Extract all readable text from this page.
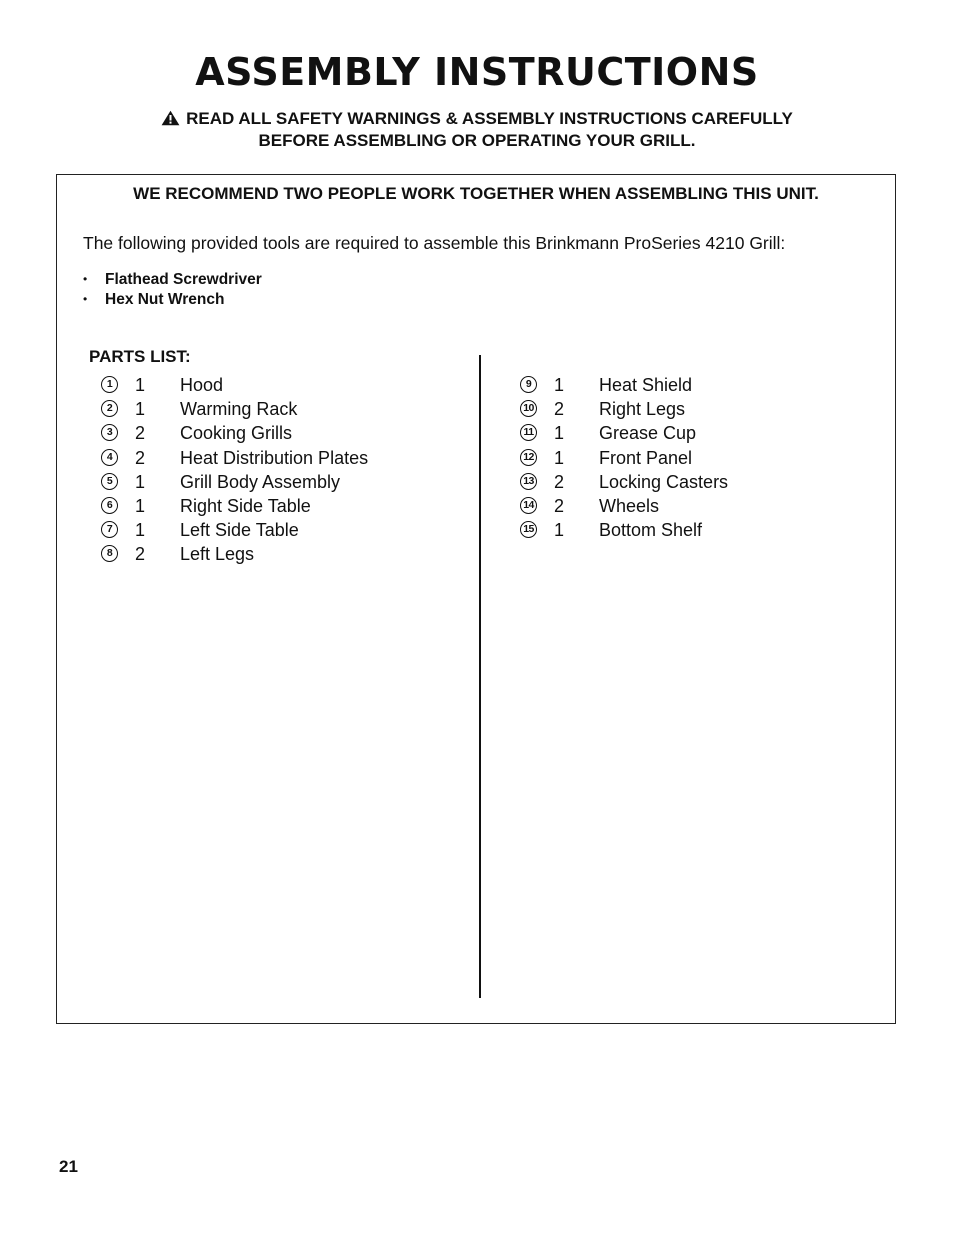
ASSEMBLY INSTRUCTIONS
READ ALL SAFETY WARNINGS & ASSEMBLY INSTRUCTIONS CAREFULLY
BEFORE ASSEMBLING OR OPERATING YOUR GRILL.
WE RECOMMEND TWO PEOPLE WORK TOGETHER WHEN ASSEMBLING THIS UNIT.
The following provided tools are required to assemble this Brinkmann ProSeries 4210 Grill:
• Flathead Screwdriver
• Hex Nut Wrench
PARTS LIST:
1	1 Hood
2	1 Warming Rack
3	2 Cooking Grills
4	2 Heat Distribution Plates
5	1 Grill Body Assembly
6	1 Right Side Table
7	1 Left Side Table
8	2 Left Legs
9	1 Heat Shield
10 2 Right Legs
11 1 Grease Cup
12 1 Front Panel
13 2 Locking Casters
14 2 Wheels
15 1 Bottom Shelf
21
